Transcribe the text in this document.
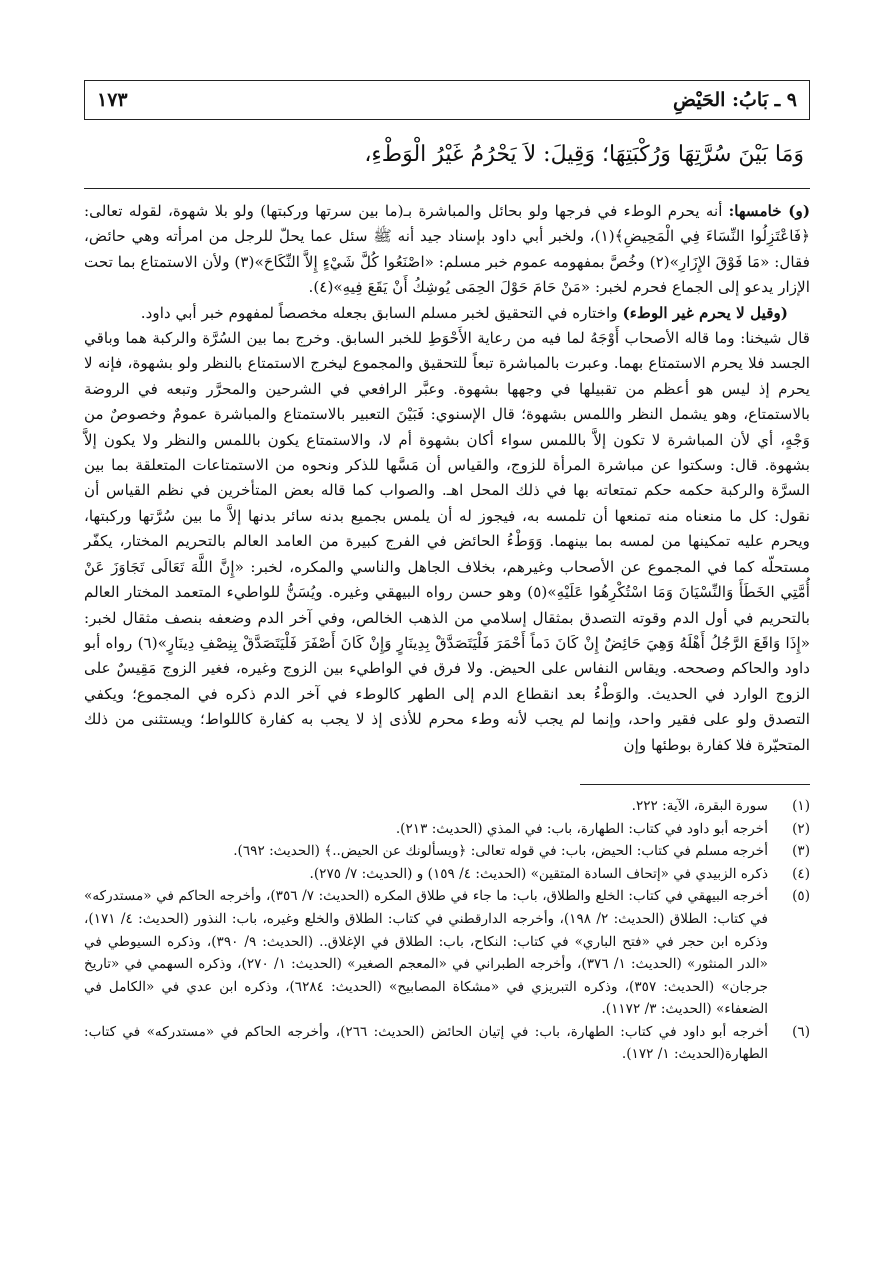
٩ ـ بَابُ: الحَيْضِ
١٧٣
وَمَا بَيْنَ سُرَّتِهَا وَرُكْبَتِهَا؛ وَقِيلَ: لاَ يَحْرُمُ غَيْرُ الْوَطْءِ،

(و) خامسها: أنه يحرم الوطء في فرجها ولو بحائل والمباشرة بـ(ما بين سرتها وركبتها) ولو بلا شهوة، لقوله تعالى: ﴿فَاعْتَزِلُوا النِّسَاءَ فِي الْمَحِيضِ﴾(١)، ولخبر أبي داود بإسناد جيد أنه ﷺ سئل عما يحلّ للرجل من امرأته وهي حائض، فقال: «مَا فَوْقَ الإِزَارِ»(٢) وخُصَّ بمفهومه عموم خبر مسلم: «اصْنَعُوا كُلَّ شَيْءٍ إِلاَّ النِّكَاحَ»(٣) ولأن الاستمتاع بما تحت الإزار يدعو إلى الجماع فحرم لخبر: «مَنْ حَامَ حَوْلَ الحِمَى يُوشِكُ أَنْ يَقَعَ فِيهِ»(٤).

(وقيل لا يحرم غير الوطء) واختاره في التحقيق لخبر مسلم السابق بجعله مخصصاً لمفهوم خبر أبي داود.

قال شيخنا: وما قاله الأصحاب أَوْجَهُ لما فيه من رعاية الأَحْوَطِ للخبر السابق. وخرج بما بين السُرَّة والركبة هما وباقي الجسد فلا يحرم الاستمتاع بهما. وعبرت بالمباشرة تبعاً للتحقيق والمجموع ليخرج الاستمتاع بالنظر ولو بشهوة، فإنه لا يحرم إذ ليس هو أعظم من تقبيلها في وجهها بشهوة. وعبَّر الرافعي في الشرحين والمحرَّر وتبعه في الروضة بالاستمتاع، وهو يشمل النظر واللمس بشهوة؛ قال الإسنوي: فَبَيْنَ التعبير بالاستمتاع والمباشرة عمومٌ وخصوصٌ من وَجْهٍ، أي لأن المباشرة لا تكون إلاَّ باللمس سواء أكان بشهوة أم لا، والاستمتاع يكون باللمس والنظر ولا يكون إلاَّ بشهوة. قال: وسكتوا عن مباشرة المرأة للزوج، والقياس أن مَسَّها للذكر ونحوه من الاستمتاعات المتعلقة بما بين السرَّة والركبة حكمه حكم تمتعاته بها في ذلك المحل اهـ. والصواب كما قاله بعض المتأخرين في نظم القياس أن نقول: كل ما منعناه منه تمنعها أن تلمسه به، فيجوز له أن يلمس بجميع بدنه سائر بدنها إلاَّ ما بين سُرَّتها وركبتها، ويحرم عليه تمكينها من لمسه بما بينهما. وَوَطْءُ الحائض في الفرج كبيرة من العامد العالم بالتحريم المختار، يكفّر مستحلّه كما في المجموع عن الأصحاب وغيرهم، بخلاف الجاهل والناسي والمكره، لخبر: «إِنَّ اللَّهَ تَعَالَى تَجَاوَزَ عَنْ أُمَّتِي الخَطَأَ وَالنِّسْيَانَ وَمَا اسْتُكْرِهُوا عَلَيْهِ»(٥) وهو حسن رواه البيهقي وغيره. ويُسَنُّ للواطيء المتعمد المختار العالم بالتحريم في أول الدم وقوته التصدق بمثقال إسلامي من الذهب الخالص، وفي آخر الدم وضعفه بنصف مثقال لخبر: «إِذَا وَاقَعَ الرَّجُلُ أَهْلَهُ وَهِيَ حَائِضٌ إِنْ كَانَ دَماً أَحْمَرَ فَلْيَتَصَدَّقْ بِدِينَارٍ وَإِنْ كَانَ أَصْفَرَ فَلْيَتَصَدَّقْ بِنِصْفِ دِينَارٍ»(٦) رواه أبو داود والحاكم وصححه. ويقاس النفاس على الحيض. ولا فرق في الواطيء بين الزوج وغيره، فغير الزوج مَقِيسٌ على الزوج الوارد في الحديث. والوَطْءُ بعد انقطاع الدم إلى الطهر كالوطء في آخر الدم ذكره في المجموع؛ ويكفي التصدق ولو على فقير واحد، وإنما لم يجب لأنه وطء محرم للأذى إذ لا يجب به كفارة كاللواط؛ ويستثنى من ذلك المتحيّرة فلا كفارة بوطئها وإن

(١)
سورة البقرة، الآية: ٢٢٢.
(٢)
أخرجه أبو داود في كتاب: الطهارة، باب: في المذي (الحديث: ٢١٣).
(٣)
أخرجه مسلم في كتاب: الحيض، باب: في قوله تعالى: ﴿ويسألونك عن الحيض..﴾ (الحديث: ٦٩٢).
(٤)
ذكره الزبيدي في «إتحاف السادة المتقين» (الحديث: ٤/ ١٥٩) و (الحديث: ٧/ ٢٧٥).
(٥)
أخرجه البيهقي في كتاب: الخلع والطلاق، باب: ما جاء في طلاق المكره (الحديث: ٧/ ٣٥٦)، وأخرجه الحاكم في «مستدركه» في كتاب: الطلاق (الحديث: ٢/ ١٩٨)، وأخرجه الدارقطني في كتاب: الطلاق والخلع وغيره، باب: النذور (الحديث: ٤/ ١٧١)، وذكره ابن حجر في «فتح الباري» في كتاب: النكاح، باب: الطلاق في الإغلاق.. (الحديث: ٩/ ٣٩٠)، وذكره السيوطي في «الدر المنثور» (الحديث: ١/ ٣٧٦)، وأخرجه الطبراني في «المعجم الصغير» (الحديث: ١/ ٢٧٠)، وذكره السهمي في «تاريخ جرجان» (الحديث: ٣٥٧)، وذكره التبريزي في «مشكاة المصابيح» (الحديث: ٦٢٨٤)، وذكره ابن عدي في «الكامل في الضعفاء» (الحديث: ٣/ ١١٧٢).
(٦)
أخرجه أبو داود في كتاب: الطهارة، باب: في إتيان الحائض (الحديث: ٢٦٦)، وأخرجه الحاكم في «مستدركه» في كتاب: الطهارة(الحديث: ١/ ١٧٢).
